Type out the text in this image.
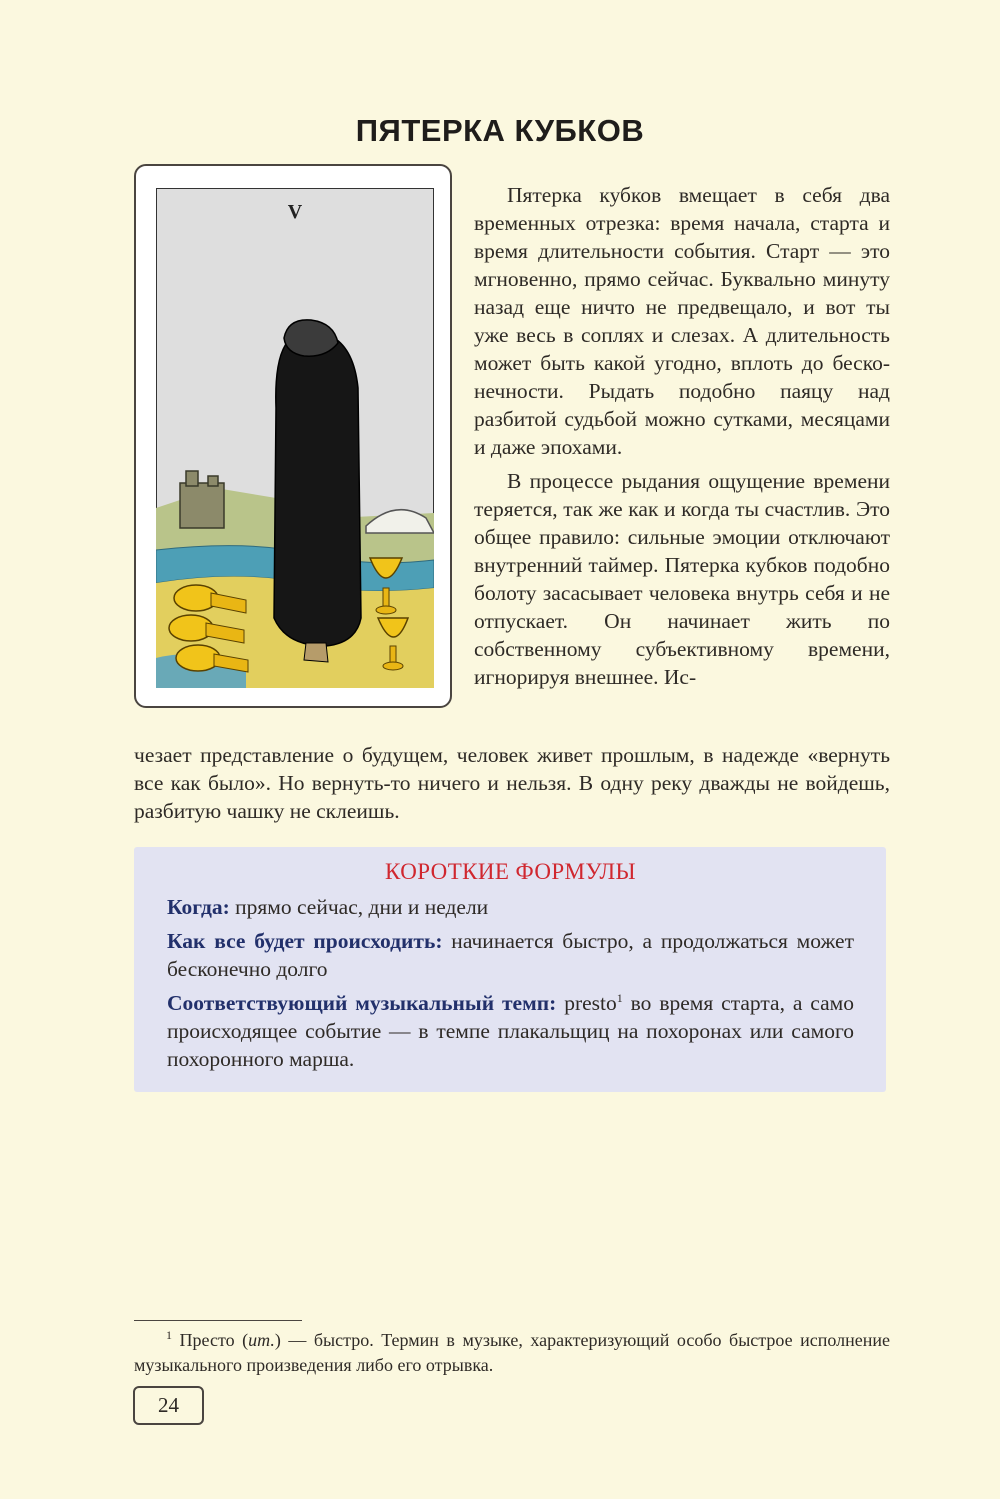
ПЯТЕРКА КУБКОВ
V

Пятерка кубков вмещает в себя два временных отрезка: время начала, старта и время длительности события. Старт — это мгновенно, прямо сейчас. Буквально минуту назад еще ничто не предвещало, и вот ты уже весь в соплях и слезах. А длительность может быть какой угодно, вплоть до бесконечности. Рыдать подобно паяцу над разбитой судьбой можно сутками, месяцами и даже эпохами.

В процессе рыдания ощущение времени теряется, так же как и когда ты счастлив. Это общее правило: сильные эмоции отключают внутренний таймер. Пятерка кубков подобно болоту засасывает человека внутрь себя и не отпускает. Он начинает жить по собственному субъективному времени, игнорируя внешнее. Ис-

чезает представление о будущем, человек живет прошлым, в надежде «вернуть все как было». Но вернуть-то ничего и нельзя. В одну реку дважды не войдешь, разбитую чашку не склеишь.

КОРОТКИЕ ФОРМУЛЫ
Когда: прямо сейчас, дни и недели
Как все будет происходить: начинается быстро, а продолжаться может бесконечно долго
Соответствующий музыкальный темп: presto$^1$ во время старта, а само происходящее событие — в темпе плакальщиц на похоронах или самого похоронного марша.

$^1$ Престо (ит.) — быстро. Термин в музыке, характеризующий особо быстрое исполнение музыкального произведения либо его отрывка.

24
